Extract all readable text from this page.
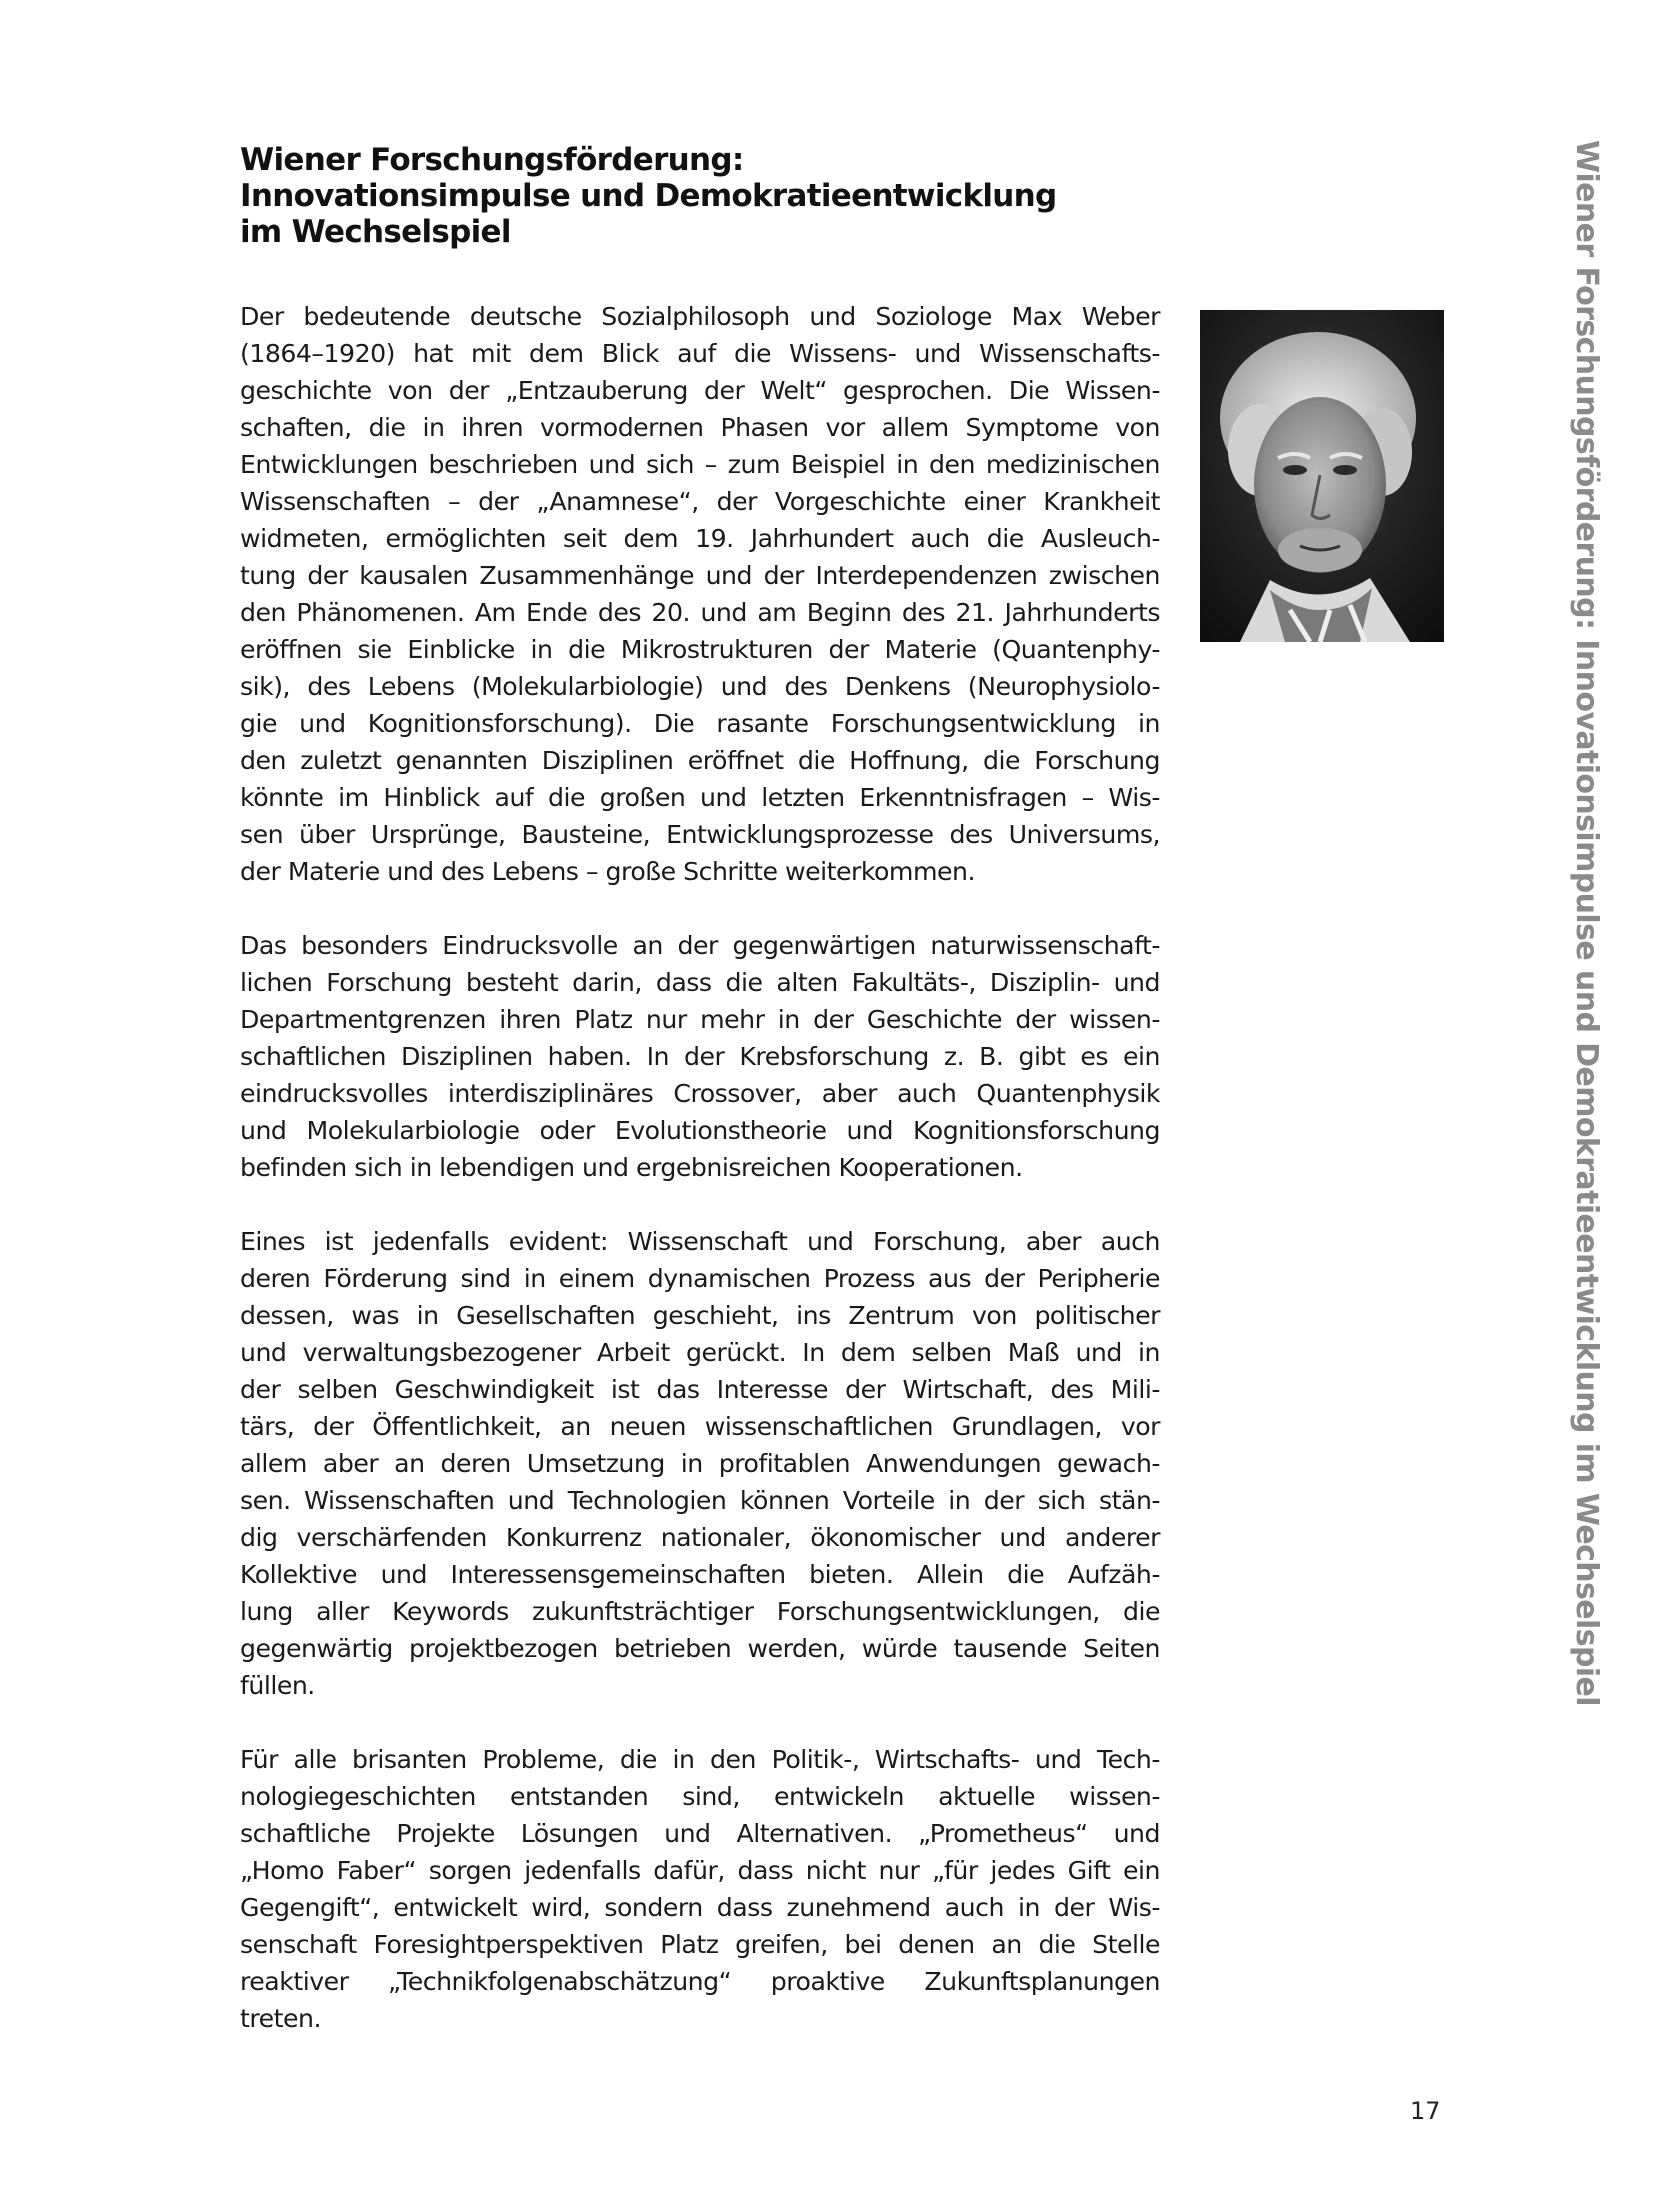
Wiener Forschungsförderung:
Innovationsimpulse und Demokratieentwicklung
im Wechselspiel
Der bedeutende deutsche Sozialphilosoph und Soziologe Max Weber
(1864–1920) hat mit dem Blick auf die Wissens- und Wissenschafts-
geschichte von der „Entzauberung der Welt“ gesprochen. Die Wissen-
schaften, die in ihren vormodernen Phasen vor allem Symptome von
Entwicklungen beschrieben und sich – zum Beispiel in den medizinischen
Wissenschaften – der „Anamnese“, der Vorgeschichte einer Krankheit
widmeten, ermöglichten seit dem 19. Jahrhundert auch die Ausleuch-
tung der kausalen Zusammenhänge und der Interdependenzen zwischen
den Phänomenen. Am Ende des 20. und am Beginn des 21. Jahrhunderts
eröffnen sie Einblicke in die Mikrostrukturen der Materie (Quantenphy-
sik), des Lebens (Molekularbiologie) und des Denkens (Neurophysiolo-
gie und Kognitionsforschung). Die rasante Forschungsentwicklung in
den zuletzt genannten Disziplinen eröffnet die Hoffnung, die Forschung
könnte im Hinblick auf die großen und letzten Erkenntnisfragen – Wis-
sen über Ursprünge, Bausteine, Entwicklungsprozesse des Universums,
der Materie und des Lebens – große Schritte weiterkommen.
Das besonders Eindrucksvolle an der gegenwärtigen naturwissenschaft-
lichen Forschung besteht darin, dass die alten Fakultäts-, Disziplin- und
Departmentgrenzen ihren Platz nur mehr in der Geschichte der wissen-
schaftlichen Disziplinen haben. In der Krebsforschung z. B. gibt es ein
eindrucksvolles interdisziplinäres Crossover, aber auch Quantenphysik
und Molekularbiologie oder Evolutionstheorie und Kognitionsforschung
befinden sich in lebendigen und ergebnisreichen Kooperationen.
Eines ist jedenfalls evident: Wissenschaft und Forschung, aber auch
deren Förderung sind in einem dynamischen Prozess aus der Peripherie
dessen, was in Gesellschaften geschieht, ins Zentrum von politischer
und verwaltungsbezogener Arbeit gerückt. In dem selben Maß und in
der selben Geschwindigkeit ist das Interesse der Wirtschaft, des Mili-
tärs, der Öffentlichkeit, an neuen wissenschaftlichen Grundlagen, vor
allem aber an deren Umsetzung in profitablen Anwendungen gewach-
sen. Wissenschaften und Technologien können Vorteile in der sich stän-
dig verschärfenden Konkurrenz nationaler, ökonomischer und anderer
Kollektive und Interessensgemeinschaften bieten. Allein die Aufzäh-
lung aller Keywords zukunftsträchtiger Forschungsentwicklungen, die
gegenwärtig projektbezogen betrieben werden, würde tausende Seiten
füllen.
Für alle brisanten Probleme, die in den Politik-, Wirtschafts- und Tech-
nologiegeschichten entstanden sind, entwickeln aktuelle wissen-
schaftliche Projekte Lösungen und Alternativen. „Prometheus“ und
„Homo Faber“ sorgen jedenfalls dafür, dass nicht nur „für jedes Gift ein
Gegengift“, entwickelt wird, sondern dass zunehmend auch in der Wis-
senschaft Foresightperspektiven Platz greifen, bei denen an die Stelle
reaktiver „Technikfolgenabschätzung“ proaktive Zukunftsplanungen
treten.
Wiener Forschungsförderung: Innovationsimpulse und Demokratieentwicklung im Wechselspiel
17
